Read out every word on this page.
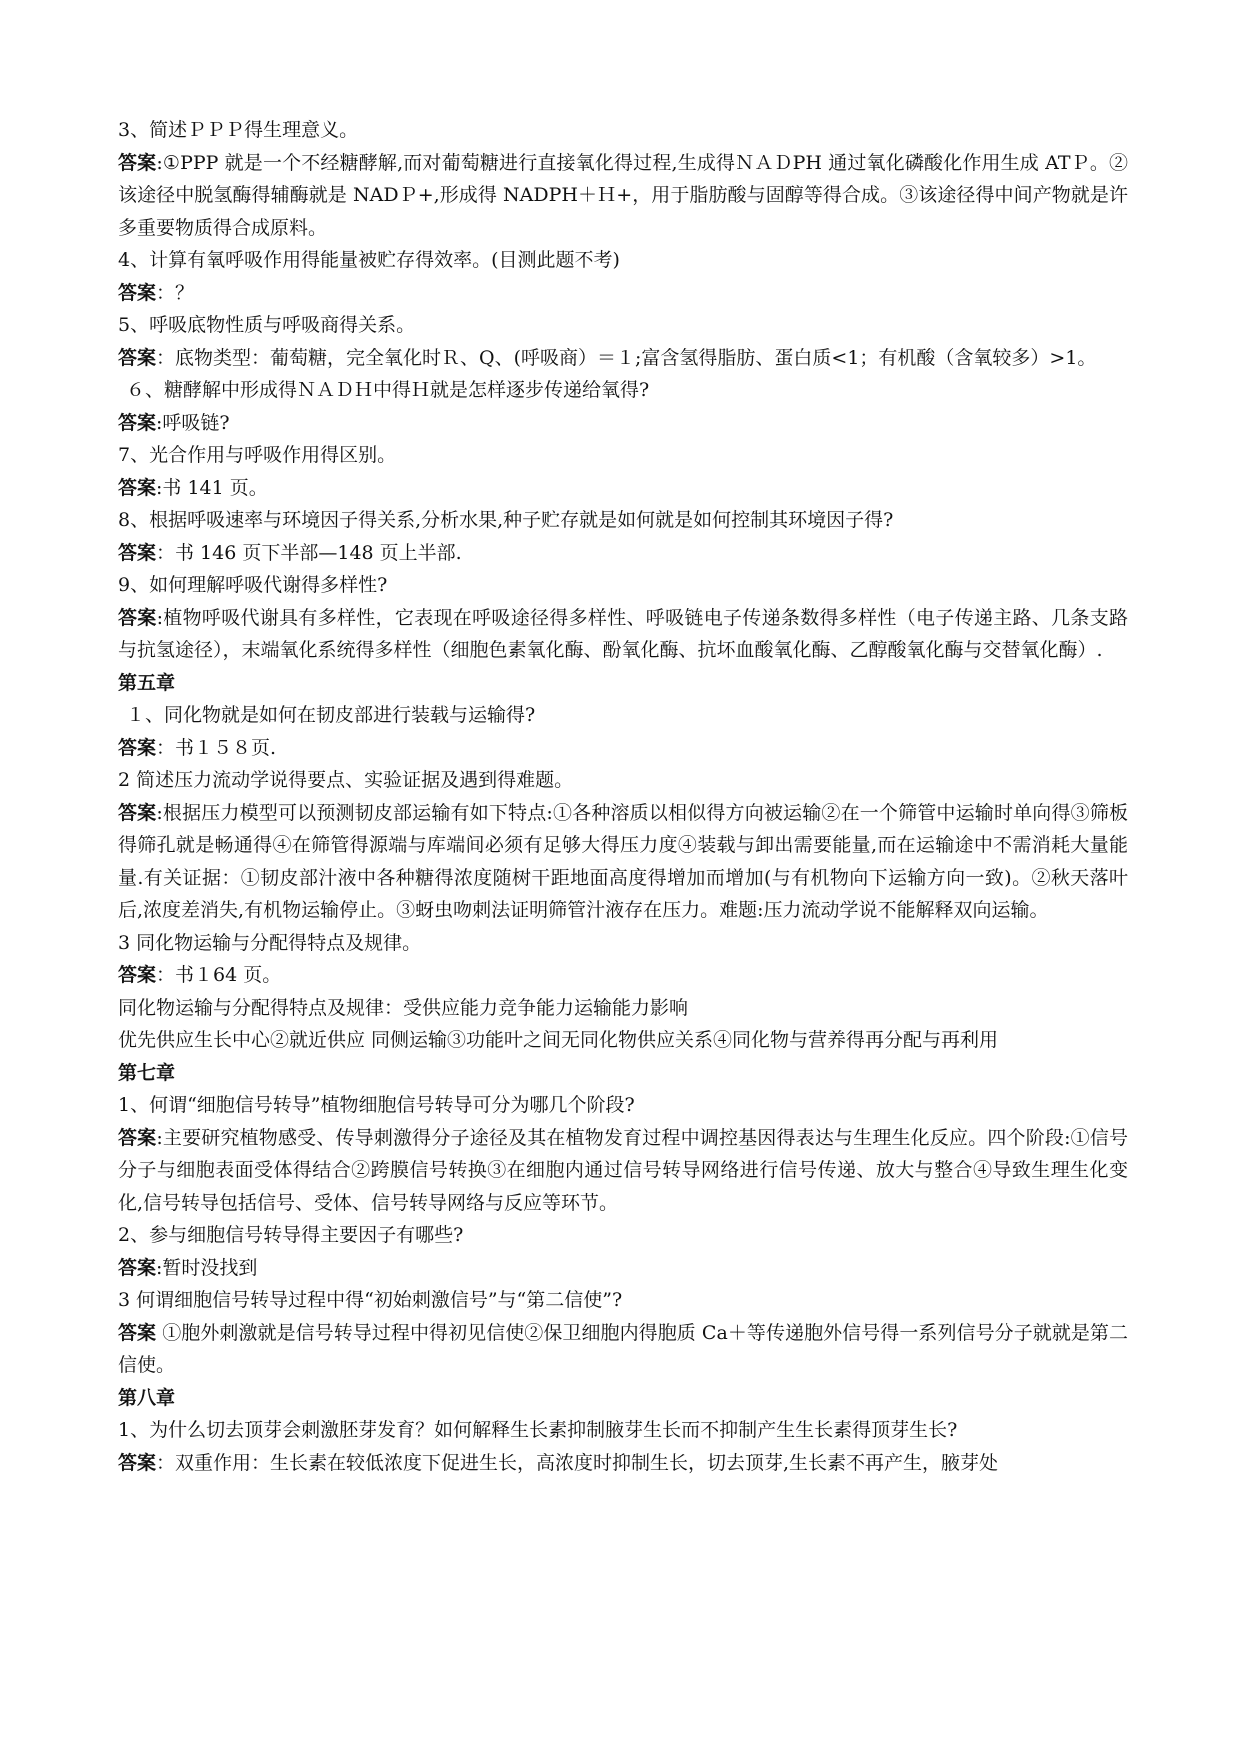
3、简述ＰＰＰ得生理意义。

答案:①PPP 就是一个不经糖酵解,而对葡萄糖进行直接氧化得过程,生成得ＮＡＤPH 通过氧化磷酸化作用生成 ATＰ。②该途径中脱氢酶得辅酶就是 NADＰ+,形成得 NADPH＋Ｈ+，用于脂肪酸与固醇等得合成。③该途径得中间产物就是许多重要物质得合成原料。

4、计算有氧呼吸作用得能量被贮存得效率。(目测此题不考)

答案：？

5、呼吸底物性质与呼吸商得关系。

答案：底物类型：葡萄糖，完全氧化时Ｒ、Q、(呼吸商）＝１;富含氢得脂肪、蛋白质<1；有机酸（含氧较多）>1。

６、糖酵解中形成得ＮＡＤＨ中得Ｈ就是怎样逐步传递给氧得?

答案:呼吸链?

7、光合作用与呼吸作用得区别。

答案:书 141 页。

8、根据呼吸速率与环境因子得关系,分析水果,种子贮存就是如何就是如何控制其环境因子得?

答案：书 146 页下半部—148 页上半部.

9、如何理解呼吸代谢得多样性?

答案:植物呼吸代谢具有多样性，它表现在呼吸途径得多样性、呼吸链电子传递条数得多样性（电子传递主路、几条支路与抗氢途径），末端氧化系统得多样性（细胞色素氧化酶、酚氧化酶、抗坏血酸氧化酶、乙醇酸氧化酶与交替氧化酶）.

第五章

１、同化物就是如何在韧皮部进行装载与运输得?

答案：书１５８页.

2 简述压力流动学说得要点、实验证据及遇到得难题。

答案:根据压力模型可以预测韧皮部运输有如下特点:①各种溶质以相似得方向被运输②在一个筛管中运输时单向得③筛板得筛孔就是畅通得④在筛管得源端与库端间必须有足够大得压力度④装载与卸出需要能量,而在运输途中不需消耗大量能量.有关证据：①韧皮部汁液中各种糖得浓度随树干距地面高度得增加而增加(与有机物向下运输方向一致)。②秋天落叶后,浓度差消失,有机物运输停止。③蚜虫吻刺法证明筛管汁液存在压力。难题:压力流动学说不能解释双向运输。

3 同化物运输与分配得特点及规律。

答案：书１64 页。

同化物运输与分配得特点及规律：受供应能力竞争能力运输能力影响

优先供应生长中心②就近供应 同侧运输③功能叶之间无同化物供应关系④同化物与营养得再分配与再利用

第七章

1、何谓“细胞信号转导”植物细胞信号转导可分为哪几个阶段?

答案:主要研究植物感受、传导刺激得分子途径及其在植物发育过程中调控基因得表达与生理生化反应。四个阶段:①信号分子与细胞表面受体得结合②跨膜信号转换③在细胞内通过信号转导网络进行信号传递、放大与整合④导致生理生化变化,信号转导包括信号、受体、信号转导网络与反应等环节。

2、参与细胞信号转导得主要因子有哪些?

答案:暂时没找到

3 何谓细胞信号转导过程中得“初始刺激信号”与“第二信使”?

答案 ①胞外刺激就是信号转导过程中得初见信使②保卫细胞内得胞质 Ca＋等传递胞外信号得一系列信号分子就就是第二信使。

第八章

1、为什么切去顶芽会刺激胚芽发育？如何解释生长素抑制腋芽生长而不抑制产生生长素得顶芽生长?

答案：双重作用：生长素在较低浓度下促进生长，高浓度时抑制生长，切去顶芽,生长素不再产生，腋芽处
